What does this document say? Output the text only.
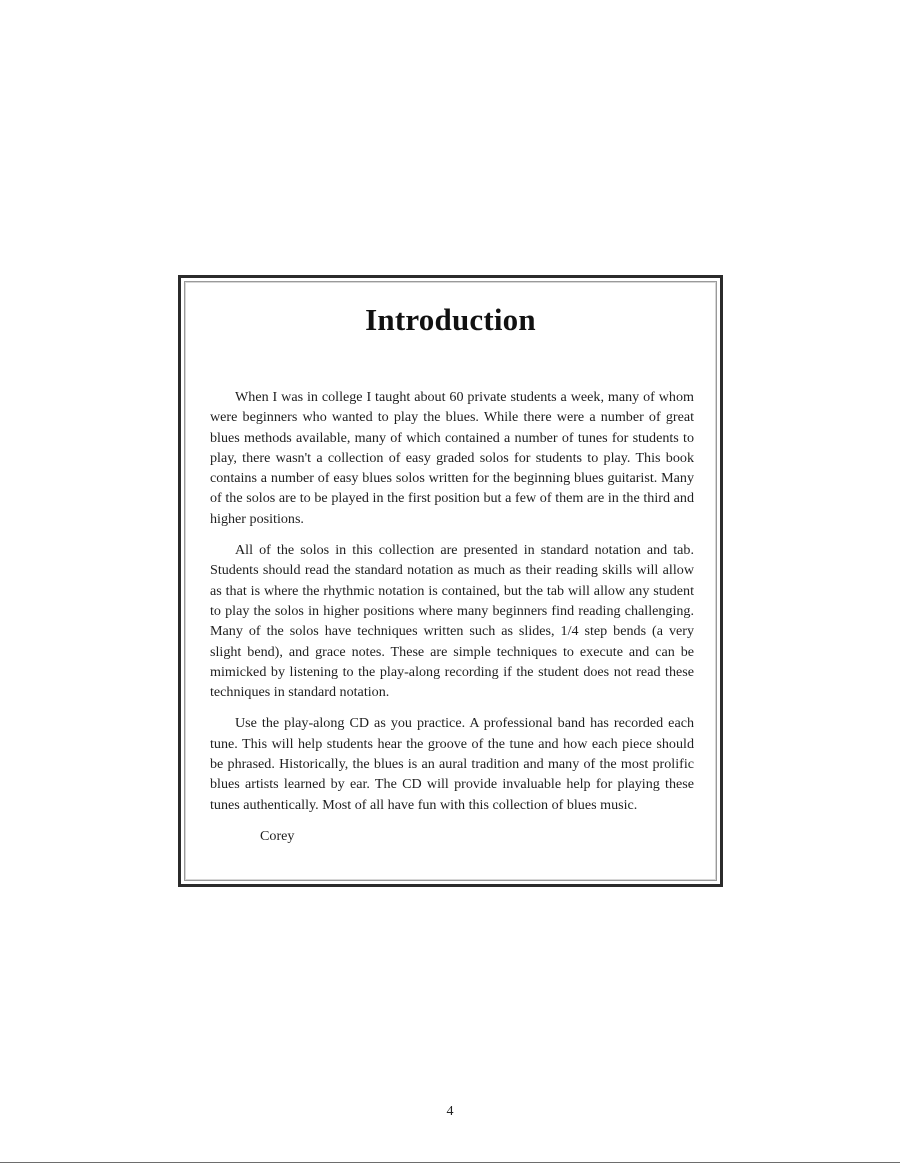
Introduction

When I was in college I taught about 60 private students a week, many of whom were beginners who wanted to play the blues. While there were a number of great blues methods available, many of which contained a number of tunes for students to play, there wasn't a collection of easy graded solos for students to play. This book contains a number of easy blues solos written for the beginning blues guitarist. Many of the solos are to be played in the first position but a few of them are in the third and higher positions.

All of the solos in this collection are presented in standard notation and tab. Students should read the standard notation as much as their reading skills will allow as that is where the rhythmic notation is contained, but the tab will allow any student to play the solos in higher positions where many beginners find reading challenging. Many of the solos have techniques written such as slides, 1/4 step bends (a very slight bend), and grace notes. These are simple techniques to execute and can be mimicked by listening to the play-along recording if the student does not read these techniques in standard notation.

Use the play-along CD as you practice. A professional band has recorded each tune. This will help students hear the groove of the tune and how each piece should be phrased. Historically, the blues is an aural tradition and many of the most prolific blues artists learned by ear. The CD will provide invaluable help for playing these tunes authentically. Most of all have fun with this collection of blues music.

Corey

4
